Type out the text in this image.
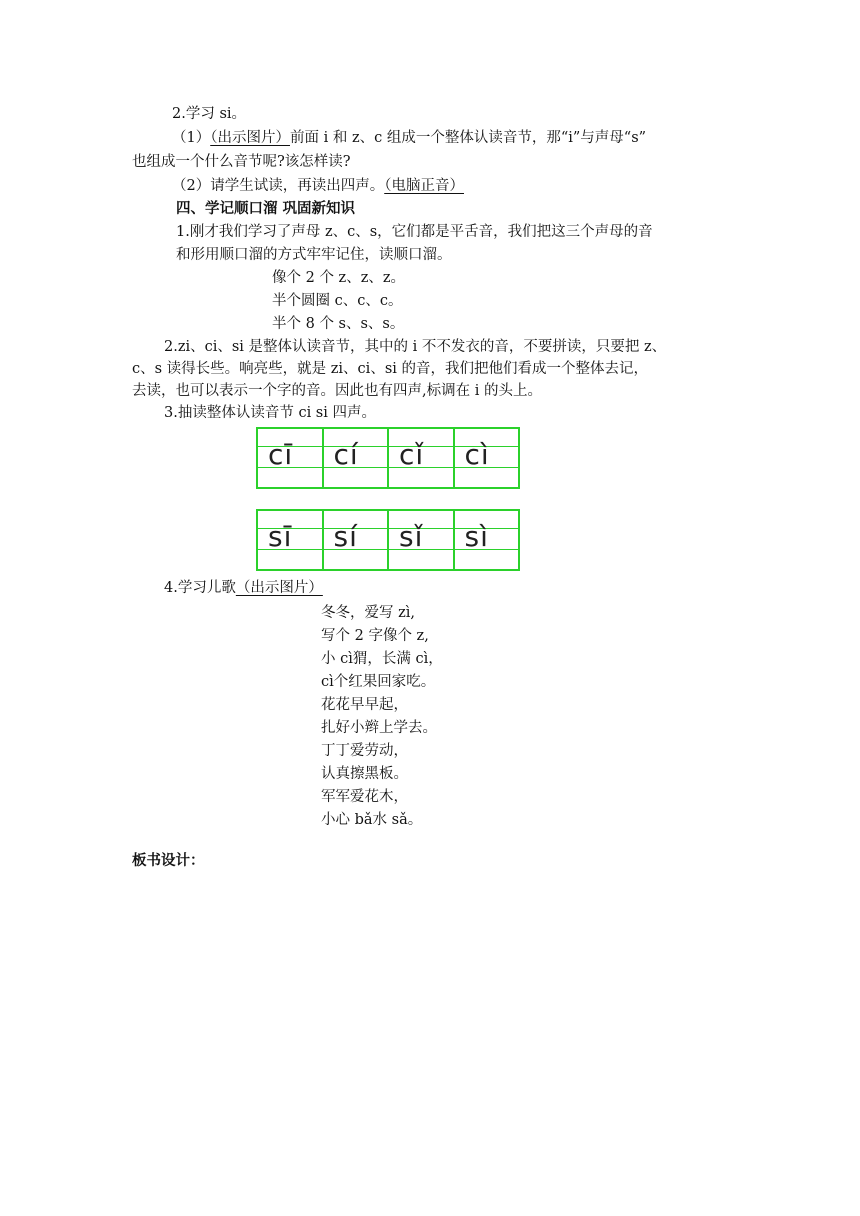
2.学习 si。
（1）（出示图片）前面 i 和 z、c 组成一个整体认读音节，那“i”与声母“s”
也组成一个什么音节呢?该怎样读?
（2）请学生试读，再读出四声。（电脑正音）
四、学记顺口溜 巩固新知识
1.刚才我们学习了声母 z、c、s，它们都是平舌音，我们把这三个声母的音
和形用顺口溜的方式牢牢记住，读顺口溜。
像个 2 个 z、z、z。
半个圆圈 c、c、c。
半个 8 个 s、s、s。
2.zi、ci、si 是整体认读音节，其中的 i 不不发衣的音，不要拼读，只要把 z、
c、s 读得长些。响亮些，就是 zi、ci、si 的音，我们把他们看成一个整体去记，
去读，也可以表示一个字的音。因此也有四声,标调在 i 的头上。
3.抽读整体认读音节 ci si 四声。
cī cí cǐ cì
sī sí sǐ sì
4.学习儿歌（出示图片）
冬冬，爱写 zì,
写个 2 字像个 z,
小 cì猬，长满 cì，
cì个红果回家吃。
花花早早起，
扎好小辫上学去。
丁丁爱劳动，
认真擦黑板。
军军爱花木，
小心 bǎ水 sǎ。
板书设计：
